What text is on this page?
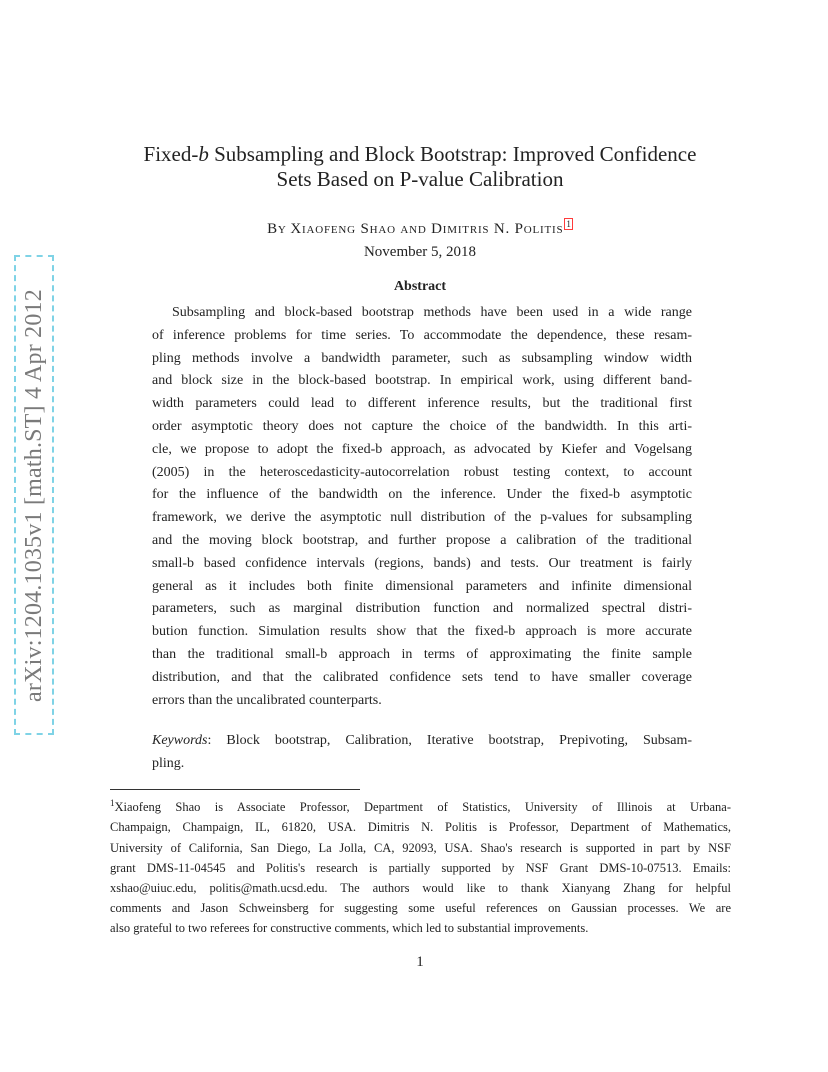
arXiv:1204.1035v1 [math.ST] 4 Apr 2012
Fixed-b Subsampling and Block Bootstrap: Improved Confidence
Sets Based on P-value Calibration
By Xiaofeng Shao and Dimitris N. Politis 1
November 5, 2018
Abstract
Subsampling and block-based bootstrap methods have been used in a wide range
of inference problems for time series. To accommodate the dependence, these resam-
pling methods involve a bandwidth parameter, such as subsampling window width
and block size in the block-based bootstrap. In empirical work, using different band-
width parameters could lead to different inference results, but the traditional first
order asymptotic theory does not capture the choice of the bandwidth. In this arti-
cle, we propose to adopt the fixed-b approach, as advocated by Kiefer and Vogelsang
(2005) in the heteroscedasticity-autocorrelation robust testing context, to account
for the influence of the bandwidth on the inference. Under the fixed-b asymptotic
framework, we derive the asymptotic null distribution of the p-values for subsampling
and the moving block bootstrap, and further propose a calibration of the traditional
small-b based confidence intervals (regions, bands) and tests. Our treatment is fairly
general as it includes both finite dimensional parameters and infinite dimensional
parameters, such as marginal distribution function and normalized spectral distri-
bution function. Simulation results show that the fixed-b approach is more accurate
than the traditional small-b approach in terms of approximating the finite sample
distribution, and that the calibrated confidence sets tend to have smaller coverage
errors than the uncalibrated counterparts.
Keywords: Block bootstrap, Calibration, Iterative bootstrap, Prepivoting, Subsam-
pling.
$^1$Xiaofeng Shao is Associate Professor, Department of Statistics, University of Illinois at Urbana-
Champaign, Champaign, IL, 61820, USA. Dimitris N. Politis is Professor, Department of Mathematics,
University of California, San Diego, La Jolla, CA, 92093, USA. Shao's research is supported in part by NSF
grant DMS-11-04545 and Politis's research is partially supported by NSF Grant DMS-10-07513. Emails:
xshao@uiuc.edu, politis@math.ucsd.edu. The authors would like to thank Xianyang Zhang for helpful
comments and Jason Schweinsberg for suggesting some useful references on Gaussian processes. We are
also grateful to two referees for constructive comments, which led to substantial improvements.
1
